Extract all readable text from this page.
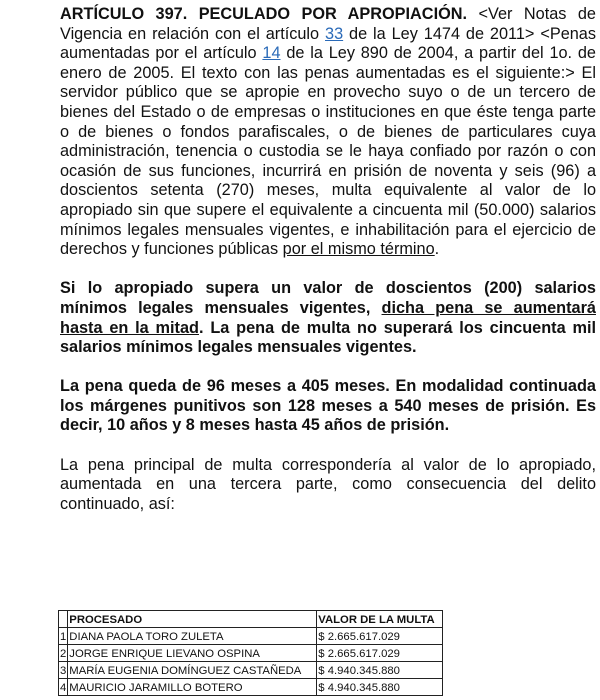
ARTÍCULO 397. PECULADO POR APROPIACIÓN. <Ver Notas de Vigencia en relación con el artículo 33 de la Ley 1474 de 2011> <Penas aumentadas por el artículo 14 de la Ley 890 de 2004, a partir del 1o. de enero de 2005. El texto con las penas aumentadas es el siguiente:> El servidor público que se apropie en provecho suyo o de un tercero de bienes del Estado o de empresas o instituciones en que éste tenga parte o de bienes o fondos parafiscales, o de bienes de particulares cuya administración, tenencia o custodia se le haya confiado por razón o con ocasión de sus funciones, incurrirá en prisión de noventa y seis (96) a doscientos setenta (270) meses, multa equivalente al valor de lo apropiado sin que supere el equivalente a cincuenta mil (50.000) salarios mínimos legales mensuales vigentes, e inhabilitación para el ejercicio de derechos y funciones públicas por el mismo término.

Si lo apropiado supera un valor de doscientos (200) salarios mínimos legales mensuales vigentes, dicha pena se aumentará hasta en la mitad. La pena de multa no superará los cincuenta mil salarios mínimos legales mensuales vigentes.

La pena queda de 96 meses a 405 meses. En modalidad continuada los márgenes punitivos son 128 meses a 540 meses de prisión. Es decir, 10 años y 8 meses hasta 45 años de prisión.

La pena principal de multa correspondería al valor de lo apropiado, aumentada en una tercera parte, como consecuencia del delito continuado, así:

	PROCESADO	VALOR DE LA MULTA
1	DIANA PAOLA TORO ZULETA	$ 2.665.617.029
2	JORGE ENRIQUE LIEVANO OSPINA	$ 2.665.617.029
3	MARÍA EUGENIA DOMÍNGUEZ CASTAÑEDA	$ 4.940.345.880
4	MAURICIO JARAMILLO BOTERO	$ 4.940.345.880
